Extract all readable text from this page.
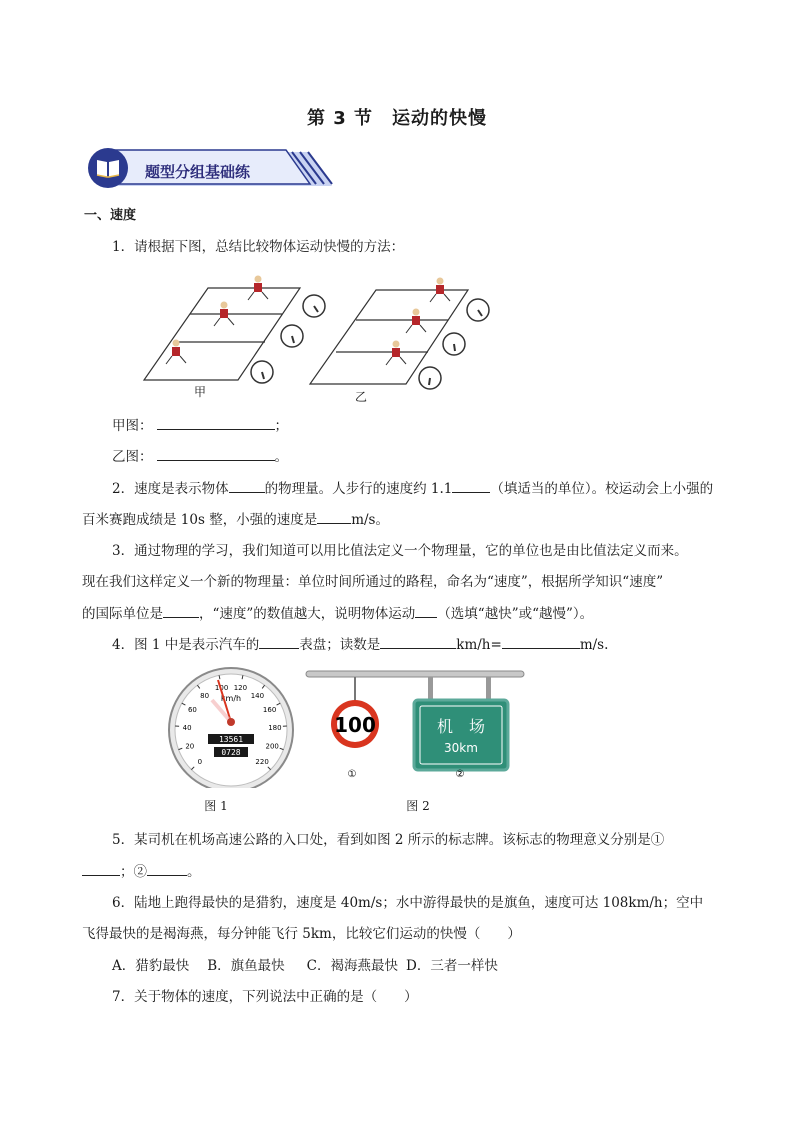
第 3 节　运动的快慢
题型分组基础练
一、速度
1．请根据下图，总结比较物体运动快慢的方法：
甲	乙
甲图：	；
乙图：	。
2．速度是表示物体	的物理量。人步行的速度约 1.1	（填适当的单位）。校运动会上小强的
百米赛跑成绩是 10s 整，小强的速度是	m/s。
3．通过物理的学习，我们知道可以用比值法定义一个物理量，它的单位也是由比值法定义而来。
现在我们这样定义一个新的物理量：单位时间所通过的路程，命名为“速度”，根据所学知识“速度”
的国际单位是	，“速度”的数值越大，说明物体运动 （选填“越快”或“越慢”）。
4．图 1 中是表示汽车的	表盘；读数是	km/h=	m/s.
0
20
40
60
80
100 120
140
160
180
200
220
km/h
13561
0728
图 1
100	机　场
30km
①	②
图 2
5．某司机在机场高速公路的入口处，看到如图 2 所示的标志牌。该标志的物理意义分别是①
；②	。
6．陆地上跑得最快的是猎豹，速度是 40m/s；水中游得最快的是旗鱼，速度可达 108km/h；空中
飞得最快的是褐海燕，每分钟能飞行 5km，比较它们运动的快慢（　　）
A．猎豹最快 B．旗鱼最快 C．褐海燕最快 D．三者一样快
7．关于物体的速度，下列说法中正确的是（　　）
